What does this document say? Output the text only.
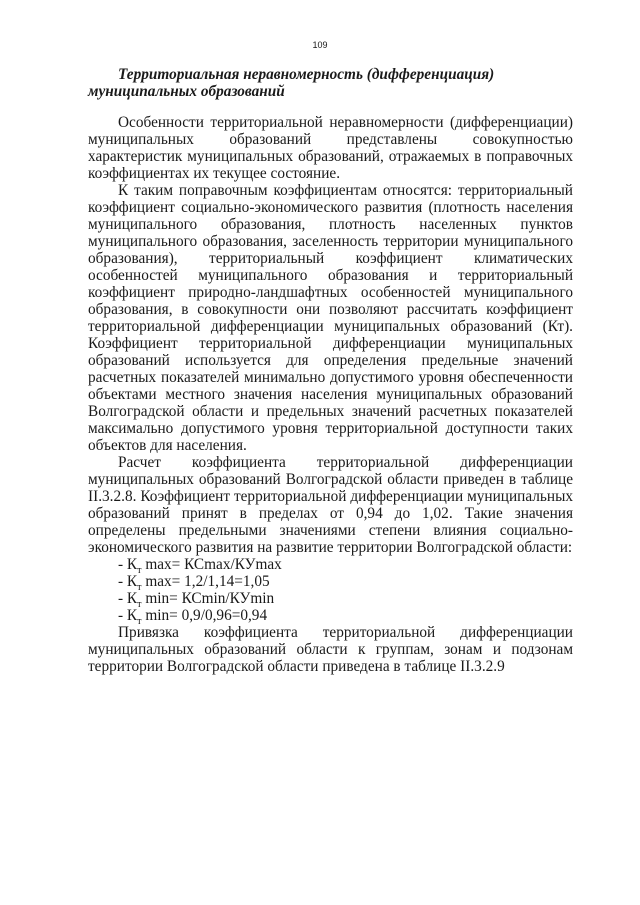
109

Территориальная неравномерность (дифференциация) муниципальных образований

Особенности территориальной неравномерности (дифференциации) муниципальных образований представлены совокупностью характеристик муниципальных образований, отражаемых в поправочных коэффициентах их текущее состояние.

К таким поправочным коэффициентам относятся: территориальный коэффициент социально-экономического развития (плотность населения муниципального образования, плотность населенных пунктов муниципального образования, заселенность территории муниципального образования), территориальный коэффициент климатических особенностей муниципального образования и территориальный коэффициент природно-ландшафтных особенностей муниципального образования, в совокупности они позволяют рассчитать коэффициент территориальной дифференциации муниципальных образований (Кт). Коэффициент территориальной дифференциации муниципальных образований используется для определения предельные значений расчетных показателей минимально допустимого уровня обеспеченности объектами местного значения населения муниципальных образований Волгоградской области и предельных значений расчетных показателей максимально допустимого уровня территориальной доступности таких объектов для населения.

Расчет коэффициента территориальной дифференциации муниципальных образований Волгоградской области приведен в таблице II.3.2.8. Коэффициент территориальной дифференциации муниципальных образований принят в пределах от 0,94 до 1,02. Такие значения определены предельными значениями степени влияния социально-экономического развития на развитие территории Волгоградской области:

- $К_т$ max= КСmax/КУmax
- $К_т$ max= 1,2/1,14=1,05
- $К_т$ min= КСmin/КУmin
- $К_т$ min= 0,9/0,96=0,94

Привязка коэффициента территориальной дифференциации муниципальных образований области к группам, зонам и подзонам территории Волгоградской области приведена в таблице II.3.2.9
